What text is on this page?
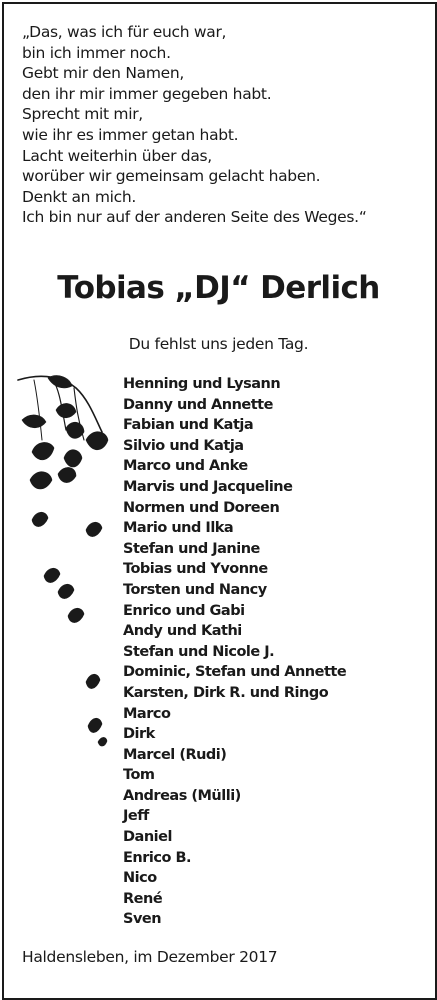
„Das, was ich für euch war,
bin ich immer noch.
Gebt mir den Namen,
den ihr mir immer gegeben habt.
Sprecht mit mir,
wie ihr es immer getan habt.
Lacht weiterhin über das,
worüber wir gemeinsam gelacht haben.
Denkt an mich.
Ich bin nur auf der anderen Seite des Weges.“
Tobias „DJ“ Derlich
Du fehlst uns jeden Tag.
Henning und Lysann
Danny und Annette
Fabian und Katja
Silvio und Katja
Marco und Anke
Marvis und Jacqueline
Normen und Doreen
Mario und Ilka
Stefan und Janine
Tobias und Yvonne
Torsten und Nancy
Enrico und Gabi
Andy und Kathi
Stefan und Nicole J.
Dominic, Stefan und Annette
Karsten, Dirk R. und Ringo
Marco
Dirk
Marcel (Rudi)
Tom
Andreas (Mülli)
Jeff
Daniel
Enrico B.
Nico
René
Sven
Haldensleben, im Dezember 2017
